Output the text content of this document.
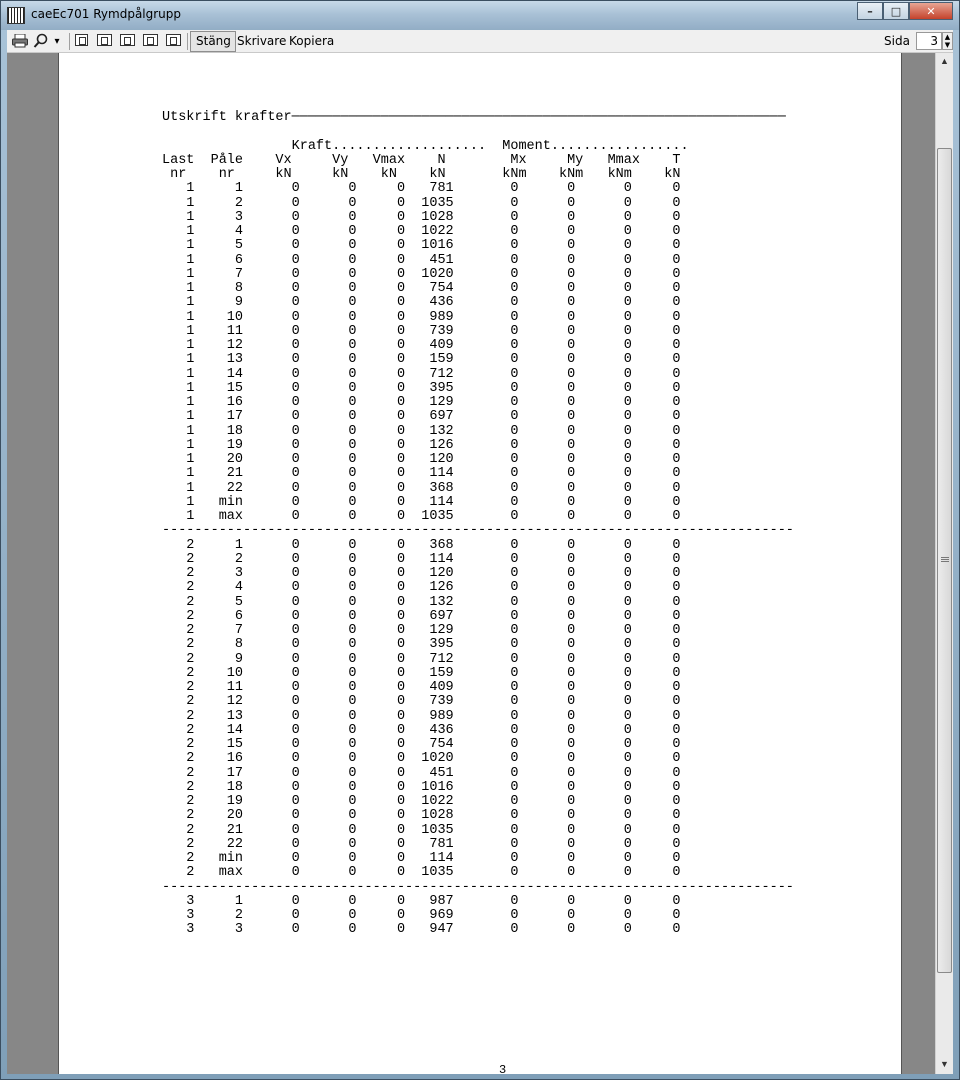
caeEc701 Rymdpålgrupp	–	□	✕
▾	Stäng Skrivare Kopiera	Sida	3 ▲
▼
Utskrift krafter─────────────────────────────────────────────────────────────

Kraft...................  Moment.................
Last  Påle    Vx     Vy   Vmax    N        Mx     My   Mmax    T
nr    nr     kN     kN    kN    kN       kNm    kNm   kNm    kN
1     1      0      0     0   781       0      0      0     0
1     2      0      0     0  1035       0      0      0     0
1     3      0      0     0  1028       0      0      0     0
1     4      0      0     0  1022       0      0      0     0
1     5      0      0     0  1016       0      0      0     0
1     6      0      0     0   451       0      0      0     0
1     7      0      0     0  1020       0      0      0     0
1     8      0      0     0   754       0      0      0     0
1     9      0      0     0   436       0      0      0     0
1    10      0      0     0   989       0      0      0     0
1    11      0      0     0   739       0      0      0     0
1    12      0      0     0   409       0      0      0     0
1    13      0      0     0   159       0      0      0     0
1    14      0      0     0   712       0      0      0     0
1    15      0      0     0   395       0      0      0     0
1    16      0      0     0   129       0      0      0     0
1    17      0      0     0   697       0      0      0     0
1    18      0      0     0   132       0      0      0     0
1    19      0      0     0   126       0      0      0     0
1    20      0      0     0   120       0      0      0     0
1    21      0      0     0   114       0      0      0     0
1    22      0      0     0   368       0      0      0     0
1   min      0      0     0   114       0      0      0     0
1   max      0      0     0  1035       0      0      0     0
------------------------------------------------------------------------------
2     1      0      0     0   368       0      0      0     0
2     2      0      0     0   114       0      0      0     0
2     3      0      0     0   120       0      0      0     0
2     4      0      0     0   126       0      0      0     0
2     5      0      0     0   132       0      0      0     0
2     6      0      0     0   697       0      0      0     0
2     7      0      0     0   129       0      0      0     0
2     8      0      0     0   395       0      0      0     0
2     9      0      0     0   712       0      0      0     0
2    10      0      0     0   159       0      0      0     0
2    11      0      0     0   409       0      0      0     0
2    12      0      0     0   739       0      0      0     0
2    13      0      0     0   989       0      0      0     0
2    14      0      0     0   436       0      0      0     0
2    15      0      0     0   754       0      0      0     0
2    16      0      0     0  1020       0      0      0     0
2    17      0      0     0   451       0      0      0     0
2    18      0      0     0  1016       0      0      0     0
2    19      0      0     0  1022       0      0      0     0
2    20      0      0     0  1028       0      0      0     0
2    21      0      0     0  1035       0      0      0     0
2    22      0      0     0   781       0      0      0     0
2   min      0      0     0   114       0      0      0     0
2   max      0      0     0  1035       0      0      0     0
------------------------------------------------------------------------------
3     1      0      0     0   987       0      0      0     0
3     2      0      0     0   969       0      0      0     0
3     3      0      0     0   947       0      0      0     0
3
▲
▼
